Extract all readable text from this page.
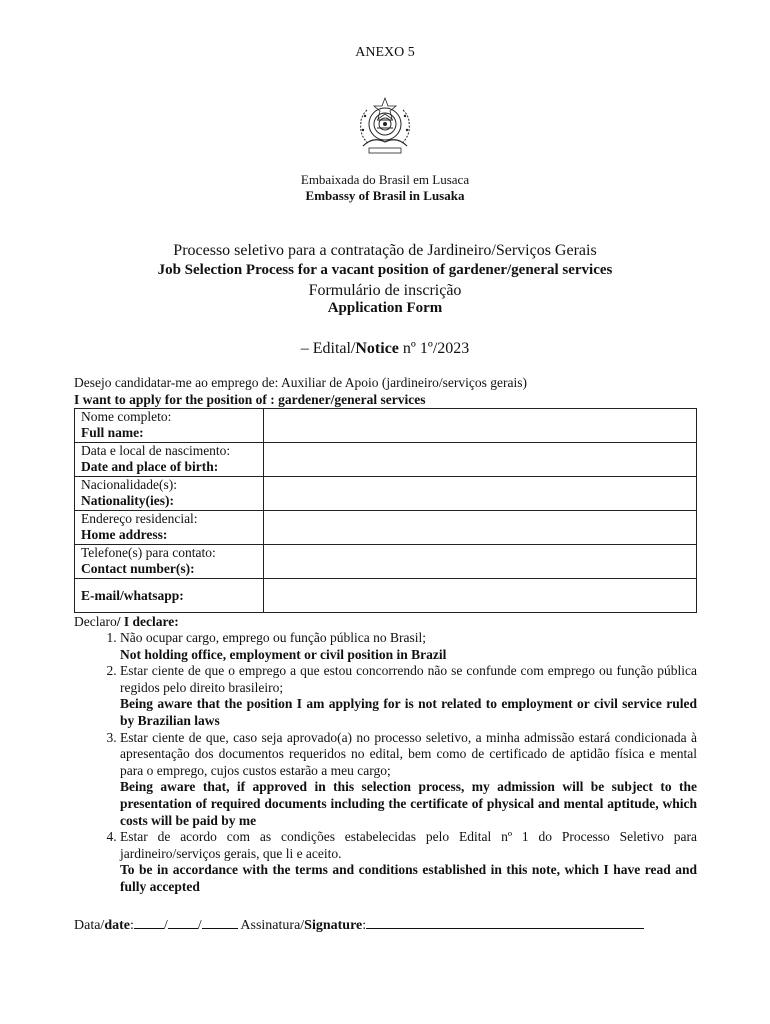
ANEXO 5
Embaixada do Brasil em Lusaca
Embassy of Brasil in Lusaka
Processo seletivo para a contratação de Jardineiro/Serviços Gerais
Job Selection Process for a vacant position of gardener/general services
Formulário de inscrição
Application Form
– Edital/Notice nº 1º/2023
Desejo candidatar-me ao emprego de: Auxiliar de Apoio (jardineiro/serviços gerais)
I want to apply for the position of : gardener/general services
Nome completo:
Full name:	

Data e local de nascimento:
Date and place of birth:	

Nacionalidade(s):
Nationality(ies):	

Endereço residencial:
Home address:	

Telefone(s) para contato:
Contact number(s):	

E-mail/whatsapp:	

Declaro/ I declare:
1. Não ocupar cargo, emprego ou função pública no Brasil;
Not holding office, employment or civil position in Brazil
2. Estar ciente de que o emprego a que estou concorrendo não se confunde com emprego ou função pública regidos pelo direito brasileiro;
Being aware that the position I am applying for is not related to employment or civil service ruled by Brazilian laws
3. Estar ciente de que, caso seja aprovado(a) no processo seletivo, a minha admissão estará condicionada à apresentação dos documentos requeridos no edital, bem como de certificado de aptidão física e mental para o emprego, cujos custos estarão a meu cargo;
Being aware that, if approved in this selection process, my admission will be subject to the presentation of required documents including the certificate of physical and mental aptitude, which costs will be paid by me
4. Estar de acordo com as condições estabelecidas pelo Edital nº 1 do Processo Seletivo para jardineiro/serviços gerais, que li e aceito.
To be in accordance with the terms and conditions established in this note, which I have read and fully accepted
Data/date: / /	Assinatura/Signature:
